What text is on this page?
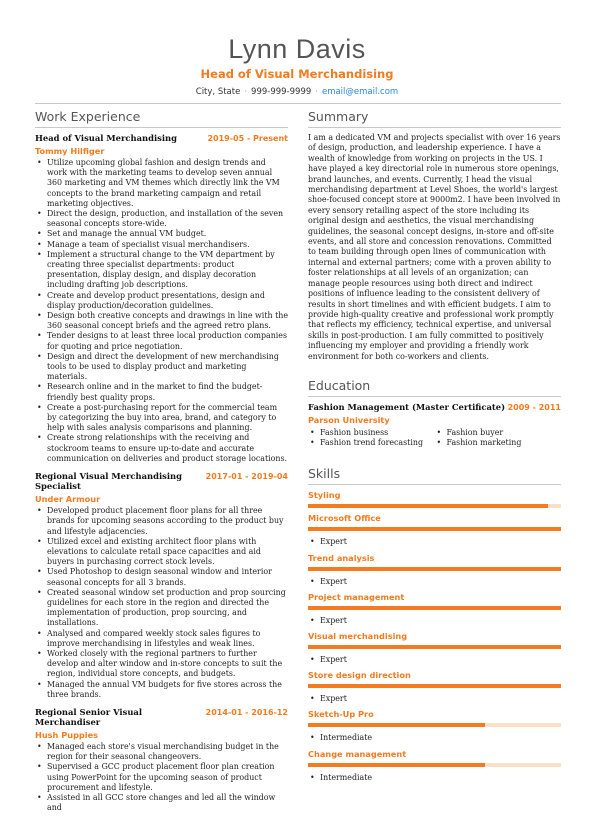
Lynn Davis
Head of Visual Merchandising
City, State · 999-999-9999 · email@email.com
Work Experience
Head of Visual Merchandising	2019-05 - Present
Tommy Hilfiger
• Utilize upcoming global fashion and design trends and work with the marketing teams to develop seven annual 360 marketing and VM themes which directly link the VM concepts to the brand marketing campaign and retail marketing objectives.
• Direct the design, production, and installation of the seven seasonal concepts store-wide.
• Set and manage the annual VM budget.
• Manage a team of specialist visual merchandisers.
• Implement a structural change to the VM department by creating three specialist departments: product presentation, display design, and display decoration including drafting job descriptions.
• Create and develop product presentations, design and display production/decoration guidelines.
• Design both creative concepts and drawings in line with the 360 seasonal concept briefs and the agreed retro plans.
• Tender designs to at least three local production companies for quoting and price negotiation.
• Design and direct the development of new merchandising tools to be used to display product and marketing materials.
• Research online and in the market to find the budget-friendly best quality props.
• Create a post-purchasing report for the commercial team by categorizing the buy into area, brand, and category to help with sales analysis comparisons and planning.
• Create strong relationships with the receiving and stockroom teams to ensure up-to-date and accurate communication on deliveries and product storage locations.
Regional Visual Merchandising Specialist
2017-01 - 2019-04
Under Armour
• Developed product placement floor plans for all three brands for upcoming seasons according to the product buy and lifestyle adjacencies.
• Utilized excel and existing architect floor plans with elevations to calculate retail space capacities and aid buyers in purchasing correct stock levels.
• Used Photoshop to design seasonal window and interior seasonal concepts for all 3 brands.
• Created seasonal window set production and prop sourcing guidelines for each store in the region and directed the implementation of production, prop sourcing, and installations.
• Analysed and compared weekly stock sales figures to improve merchandising in lifestyles and weak lines.
• Worked closely with the regional partners to further develop and alter window and in-store concepts to suit the region, individual store concepts, and budgets.
• Managed the annual VM budgets for five stores across the three brands.
Regional Senior Visual Merchandiser
2014-01 - 2016-12
Hush Puppies
• Managed each store's visual merchandising budget in the region for their seasonal changeovers.
• Supervised a GCC product placement floor plan creation using PowerPoint for the upcoming season of product procurement and lifestyle.
• Assisted in all GCC store changes and led all the window and
Summary
I am a dedicated VM and projects specialist with over 16 years of design, production, and leadership experience. I have a wealth of knowledge from working on projects in the US. I have played a key directorial role in numerous store openings, brand launches, and events. Currently, I head the visual merchandising department at Level Shoes, the world's largest shoe-focused concept store at 9000m2. I have been involved in every sensory retailing aspect of the store including its original design and aesthetics, the visual merchandising guidelines, the seasonal concept designs, in-store and off-site events, and all store and concession renovations. Committed to team building through open lines of communication with internal and external partners; come with a proven ability to foster relationships at all levels of an organization; can manage people resources using both direct and indirect positions of influence leading to the consistent delivery of results in short timelines and with efficient budgets. I aim to provide high-quality creative and professional work promptly that reflects my efficiency, technical expertise, and universal skills in post-production. I am fully committed to positively influencing my employer and providing a friendly work environment for both co-workers and clients.
Education
Fashion Management (Master Certificate) 2009 - 2011
Parson University
• Fashion business	• Fashion buyer
• Fashion trend forecasting	• Fashion marketing
Skills
Styling
Microsoft Office
• Expert
Trend analysis
• Expert
Project management
• Expert
Visual merchandising
• Expert
Store design direction
• Expert
Sketch-Up Pro
• Intermediate
Change management
• Intermediate
